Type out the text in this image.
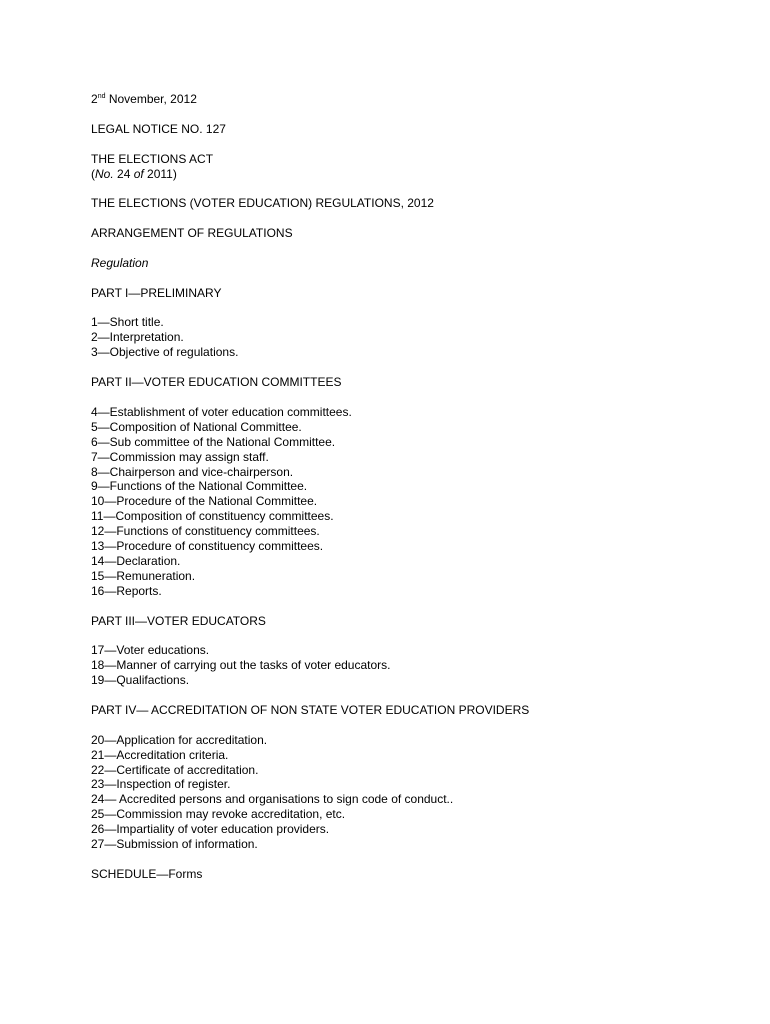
2nd November, 2012
LEGAL NOTICE NO. 127
THE ELECTIONS ACT
(No. 24 of 2011)
THE ELECTIONS (VOTER EDUCATION) REGULATIONS, 2012
ARRANGEMENT OF REGULATIONS
Regulation
PART I—PRELIMINARY
1—Short title.
2—Interpretation.
3—Objective of regulations.
PART II—VOTER EDUCATION COMMITTEES
4—Establishment of voter education committees.
5—Composition of National Committee.
6—Sub committee of the National Committee.
7—Commission may assign staff.
8—Chairperson and vice-chairperson.
9—Functions of the National Committee.
10—Procedure of the National Committee.
11—Composition of constituency committees.
12—Functions of constituency committees.
13—Procedure of constituency committees.
14—Declaration.
15—Remuneration.
16—Reports.
PART III—VOTER EDUCATORS
17—Voter educations.
18—Manner of carrying out the tasks of voter educators.
19—Qualifactions.
PART IV— ACCREDITATION OF NON STATE VOTER EDUCATION PROVIDERS
20—Application for accreditation.
21—Accreditation criteria.
22—Certificate of accreditation.
23—Inspection of register.
24— Accredited persons and organisations to sign code of conduct..
25—Commission may revoke accreditation, etc.
26—Impartiality of voter education providers.
27—Submission of information.
SCHEDULE—Forms
